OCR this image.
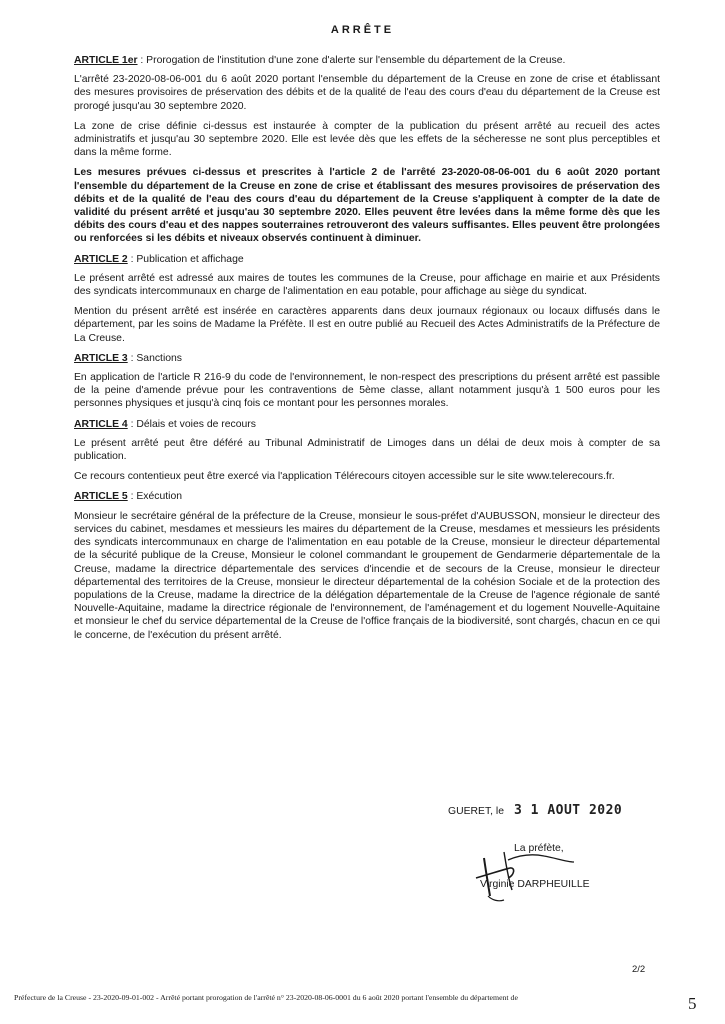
ARRÊTE
ARTICLE 1er : Prorogation de l'institution d'une zone d'alerte sur l'ensemble du département de la Creuse.

L'arrêté 23-2020-08-06-001 du 6 août 2020 portant l'ensemble du département de la Creuse en zone de crise et établissant des mesures provisoires de préservation des débits et de la qualité de l'eau des cours d'eau du département de la Creuse est prorogé jusqu'au 30 septembre 2020.

La zone de crise définie ci-dessus est instaurée à compter de la publication du présent arrêté au recueil des actes administratifs et jusqu'au 30 septembre 2020. Elle est levée dès que les effets de la sécheresse ne sont plus perceptibles et dans la même forme.

Les mesures prévues ci-dessus et prescrites à l'article 2 de l'arrêté 23-2020-08-06-001 du 6 août 2020 portant l'ensemble du département de la Creuse en zone de crise et établissant des mesures provisoires de préservation des débits et de la qualité de l'eau des cours d'eau du département de la Creuse s'appliquent à compter de la date de validité du présent arrêté et jusqu'au 30 septembre 2020. Elles peuvent être levées dans la même forme dès que les débits des cours d'eau et des nappes souterraines retrouveront des valeurs suffisantes. Elles peuvent être prolongées ou renforcées si les débits et niveaux observés continuent à diminuer.

ARTICLE 2 : Publication et affichage

Le présent arrêté est adressé aux maires de toutes les communes de la Creuse, pour affichage en mairie et aux Présidents des syndicats intercommunaux en charge de l'alimentation en eau potable, pour affichage au siège du syndicat.

Mention du présent arrêté est insérée en caractères apparents dans deux journaux régionaux ou locaux diffusés dans le département, par les soins de Madame la Préfète. Il est en outre publié au Recueil des Actes Administratifs de la Préfecture de La Creuse.

ARTICLE 3 : Sanctions

En application de l'article R 216-9 du code de l'environnement, le non-respect des prescriptions du présent arrêté est passible de la peine d'amende prévue pour les contraventions de 5ème classe, allant notamment jusqu'à 1 500 euros pour les personnes physiques et jusqu'à cinq fois ce montant pour les personnes morales.

ARTICLE 4 : Délais et voies de recours

Le présent arrêté peut être déféré au Tribunal Administratif de Limoges dans un délai de deux mois à compter de sa publication.

Ce recours contentieux peut être exercé via l'application Télérecours citoyen accessible sur le site www.telerecours.fr.

ARTICLE 5 : Exécution

Monsieur le secrétaire général de la préfecture de la Creuse, monsieur le sous-préfet d'AUBUSSON, monsieur le directeur des services du cabinet, mesdames et messieurs les maires du département de la Creuse, mesdames et messieurs les présidents des syndicats intercommunaux en charge de l'alimentation en eau potable de la Creuse, monsieur le directeur départemental de la sécurité publique de la Creuse, Monsieur le colonel commandant le groupement de Gendarmerie départementale de la Creuse, madame la directrice départementale des services d'incendie et de secours de la Creuse, monsieur le directeur départemental des territoires de la Creuse, monsieur le directeur départemental de la cohésion Sociale et de la protection des populations de la Creuse, madame la directrice de la délégation départementale de la Creuse de l'agence régionale de santé Nouvelle-Aquitaine, madame la directrice régionale de l'environnement, de l'aménagement et du logement Nouvelle-Aquitaine et monsieur le chef du service départemental de la Creuse de l'office français de la biodiversité, sont chargés, chacun en ce qui le concerne, de l'exécution du présent arrêté.

GUERET, le 3 1 AOUT 2020
La préfète,
Virginie DARPHEUILLE
2/2
Préfecture de la Creuse - 23-2020-09-01-002 - Arrêté portant prorogation de l'arrêté n° 23-2020-08-06-0001 du 6 août 2020 portant l'ensemble du département de	5
